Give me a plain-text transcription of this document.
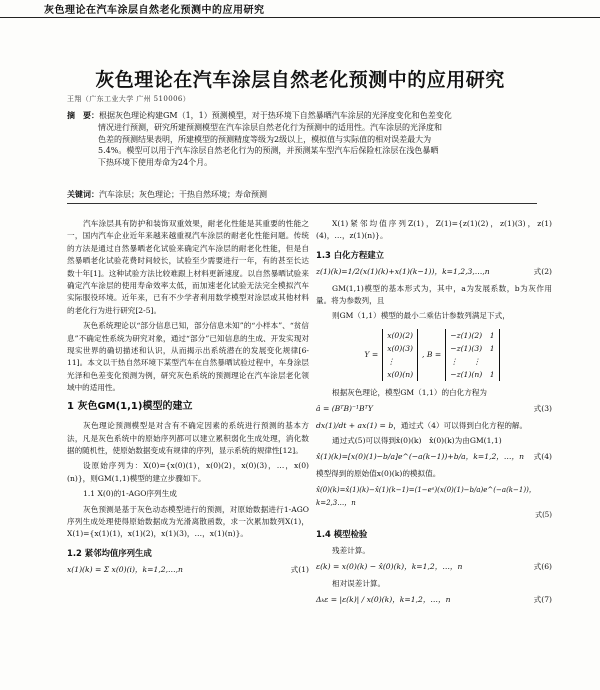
灰色理论在汽车涂层自然老化预测中的应用研究
灰色理论在汽车涂层自然老化预测中的应用研究
王翔（广东工业大学 广州 510006）
摘　要：根据灰色理论构建GM（1，1）预测模型，对于热环境下自然暴晒汽车涂层的光泽度变化和色差变化
情况进行预测，研究所建预测模型在汽车涂层自然老化行为预测中的适用性。汽车涂层的光泽度和
色差的预测结果表明，所建模型的预测精度等级为2级以上，模拟值与实际值的相对误差最大为
5.4%。模型可以用于汽车涂层自然老化行为的预测，并预测某车型汽车后保险杠涂层在浅色暴晒
下热环境下使用寿命为24个月。
关键词：汽车涂层；灰色理论；干热自然环境；寿命预测

汽车涂层具有防护和装饰双重效果，耐老化性能是其重要的性能之一，国内汽车企业近年来越来越重视汽车涂层的耐老化性能问题。传统的方法是通过自然暴晒老化试验来确定汽车涂层的耐老化性能，但是自然暴晒老化试验花费时间较长，试验至少需要进行一年，有的甚至长达数十年[1]。这种试验方法比较难跟上材料更新速度。以自然暴晒试验来确定汽车涂层的使用寿命效率太低，而加速老化试验无法完全模拟汽车实际服役环境。近年来，已有不少学者利用数学模型对涂层或其他材料的老化行为进行研究[2-5]。

灰色系统理论以“部分信息已知，部分信息未知”的“小样本”、“贫信息”不确定性系统为研究对象，通过“部分”已知信息的生成、开发实现对现实世界的确切描述和认识，从而揭示出系统潜在的发展变化规律[6-11]。本文以干热自然环境下某型汽车在自然暴晒试验过程中，车身涂层光泽和色差变化预测为例，研究灰色系统的预测理论在汽车涂层老化领域中的适用性。

1 灰色GM(1,1)模型的建立

灰色理论预测模型是对含有不确定因素的系统进行预测的基本方法，凡是灰色系统中的原始序列都可以建立累积弱化生成处理，消化数据的随机性，使原始数据变成有规律的序列，显示系统的规律性[12]。

设原始序列为：X(0)={x(0)(1)，x(0)(2)，x(0)(3)，…，x(0)(n)}，则GM(1,1)模型的建立步骤如下。

1.1 X(0)的1-AGO序列生成

灰色预测是基于灰色动态模型进行的预测，对原始数据进行1-AGO序列生成处理使得原始数据成为光滑离散函数，求一次累加数列X(1)，X(1)={x(1)(1)，x(1)(2)，x(1)(3)，…，x(1)(n)}。

1.2 紧邻均值序列生成
x(1)(k) = Σ x(0)(i)，k=1,2,…,n	式(1)

X(1)紧邻均值序列Z(1)，Z(1)={z(1)(2)，z(1)(3)，z(1)(4)，…，z(1)(n)}。

1.3 白化方程建立
z(1)(k)=1/2(x(1)(k)+x(1)(k−1))，k=1,2,3,…,n	式(2)

GM(1,1)模型的基本形式为，其中，a为发展系数，b为灰作用量。将为参数列，且

则GM（1,1）模型的最小二乘估计参数列满足下式，

Y =
x(0)(2)
x(0)(3)
⋮
x(0)(n)
, B =
−z(1)(2)　 1
−z(1)(3)　 1
⋮　　 ⋮
−z(1)(n)　 1

根据灰色理论，模型GM（1,1）的白化方程为

â = (BᵀB)⁻¹BᵀY	式(3)

dx(1)/dt + ax(1) = b，通过式（4）可以得到白化方程的解。

通过式(5)可以得到x̂(0)(k)　x̂(0)(k)为由GM(1,1)

x̂(1)(k)=[x(0)(1)−b/a]e^(−a(k−1))+b/a，k=1,2，…，n 式(4)

模型得到的原始值x(0)(k)的模拟值。

x̂(0)(k)=x̂(1)(k)−x̂(1)(k−1)=(1−eᵃ)(x(0)(1)−b/a)e^(−a(k−1))，k=2,3…，n
式(5)
1.4 模型检验

残差计算。

ε(k) = x(0)(k) − x̂(0)(k)，k=1,2，…，n	式(6)

相对误差计算。

Δₖε = |ε(k)| / x(0)(k)，k=1,2，…，n	式(7)
